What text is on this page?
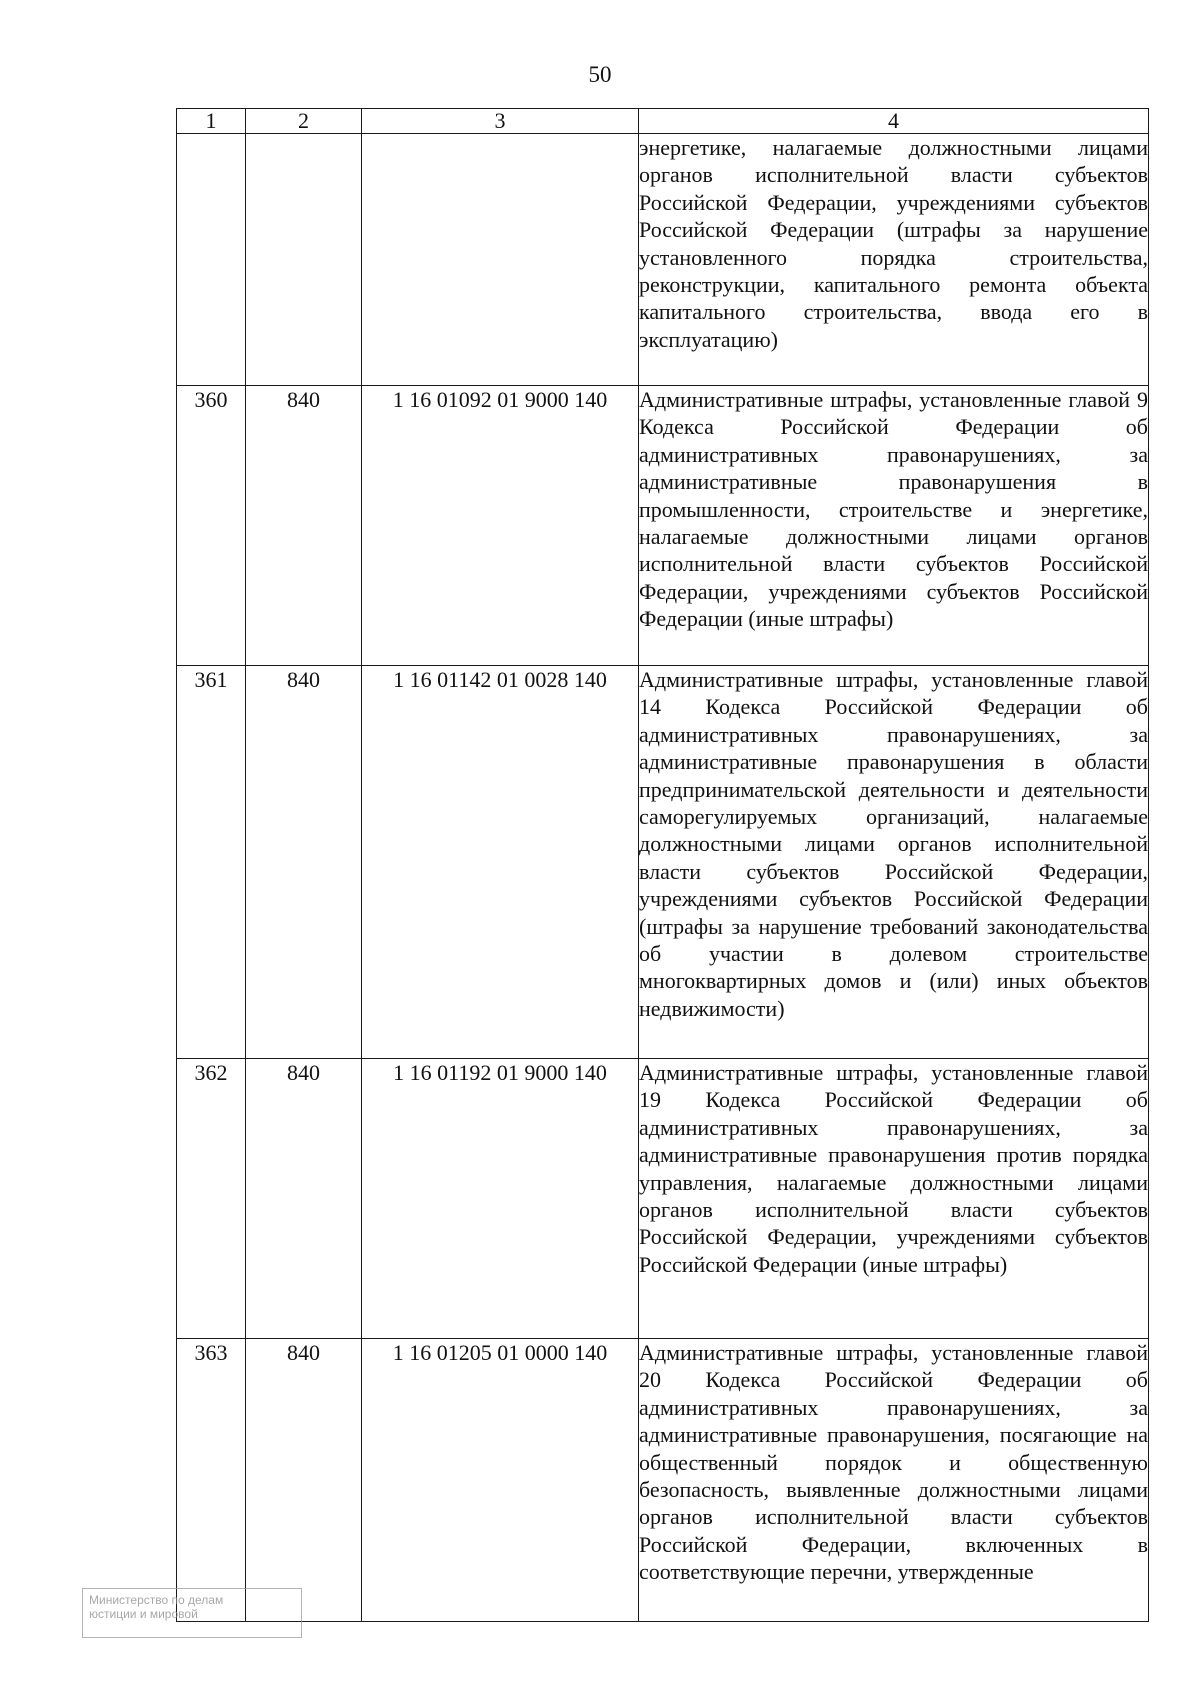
50
1	2	3	4

			энергетике, налагаемые должностными лицами органов исполнительной власти субъектов Российской Федерации, учреждениями субъектов Российской Федерации (штрафы за нарушение установленного порядка строительства, реконструкции, капитального ремонта объекта капитального строительства, ввода его в эксплуатацию)

360	840	1 16 01092 01 9000 140	Административные штрафы, установленные главой 9 Кодекса Российской Федерации об административных правонарушениях, за административные правонарушения в промышленности, строительстве и энергетике, налагаемые должностными лицами органов исполнительной власти субъектов Российской Федерации, учреждениями субъектов Российской Федерации (иные штрафы)

361	840	1 16 01142 01 0028 140	Административные штрафы, установленные главой 14 Кодекса Российской Федерации об административных правонарушениях, за административные правонарушения в области предпринимательской деятельности и деятельности саморегулируемых организаций, налагаемые должностными лицами органов исполнительной власти субъектов Российской Федерации, учреждениями субъектов Российской Федерации (штрафы за нарушение требований законодательства об участии в долевом строительстве многоквартирных домов и (или) иных объектов недвижимости)

362	840	1 16 01192 01 9000 140	Административные штрафы, установленные главой 19 Кодекса Российской Федерации об административных правонарушениях, за административные правонарушения против порядка управления, налагаемые должностными лицами органов исполнительной власти субъектов Российской Федерации, учреждениями субъектов Российской Федерации (иные штрафы)

363	840	1 16 01205 01 0000 140	Административные штрафы, установленные главой 20 Кодекса Российской Федерации об административных правонарушениях, за административные правонарушения, посягающие на общественный порядок и общественную безопасность, выявленные должностными лицами органов исполнительной власти субъектов Российской Федерации, включенных в соответствующие перечни, утвержденные
Министерство по делам
юстиции и мировой
